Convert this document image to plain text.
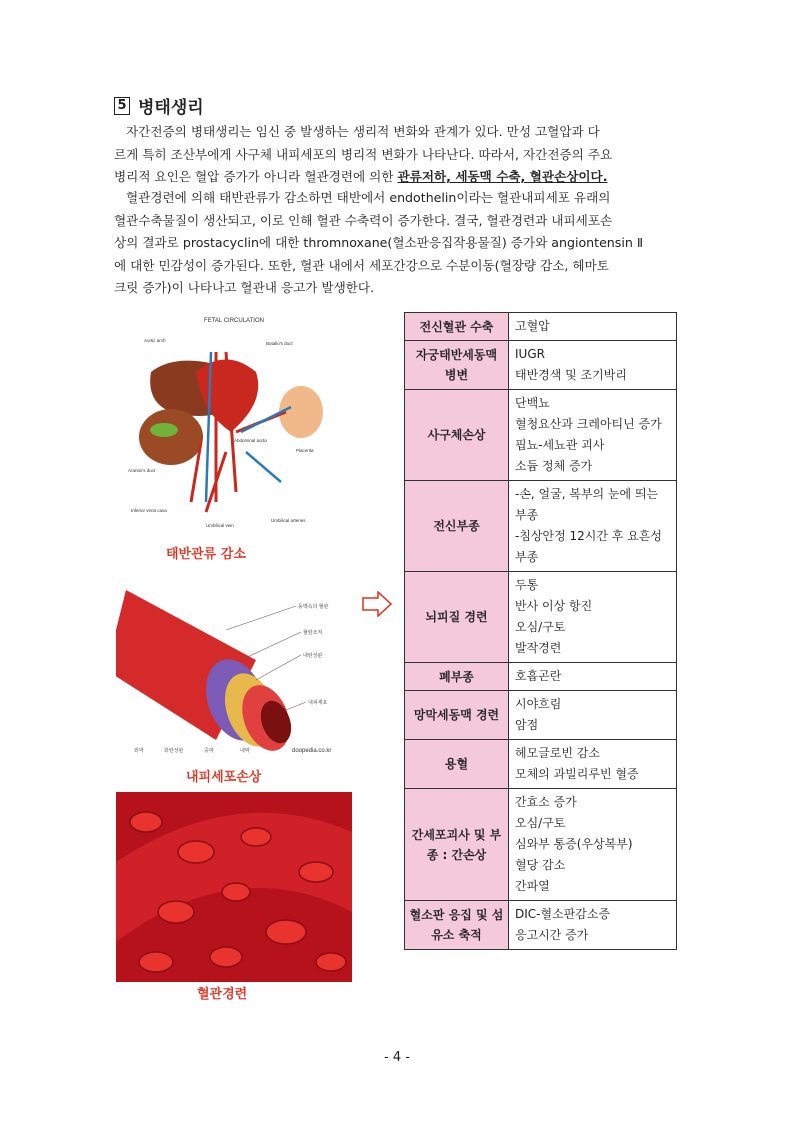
5 병태생리
자간전증의 병태생리는 임신 중 발생하는 생리적 변화와 관계가 있다. 만성 고혈압과 다
르게 특히 조산부에게 사구체 내피세포의 병리적 변화가 나타난다. 따라서, 자간전증의 주요
병리적 요인은 혈압 증가가 아니라 혈관경련에 의한 관류저하, 세동맥 수축, 혈관손상이다.
혈관경련에 의해 태반관류가 감소하면 태반에서 endothelin이라는 혈관내피세포 유래의
혈관수축물질이 생산되고, 이로 인해 혈관 수축력이 증가한다. 결국, 혈관경련과 내피세포손
상의 결과로 prostacyclin에 대한 thromnoxane(혈소판응집작용물질) 증가와 angiontensin Ⅱ
에 대한 민감성이 증가된다. 또한, 혈관 내에서 세포간강으로 수분이동(혈장량 감소, 헤마토
크릿 증가)이 나타나고 혈관내 응고가 발생한다.
FETAL CIRCULATION
Aortic arch
Botallo's duct
Arantio's duct
Abdominal aorta
Placenta
Inferior vena cava
Umbilical vein
Umbilical arteries
태반관류 감소
동맥속의 혈관
혈탄조직
내탄성판
내피세포
외막	외탄성판	중막	내막	doopedia.co.kr
내피세포손상
혈관경련
전신혈관 수축	고혈압

자궁태반세동맥 병변	IUGR
태반경색 및 조기박리

사구체손상	단백뇨
혈청요산과 크레아티닌 증가
핍뇨-세뇨관 괴사
소듐 정체 증가

전신부종	-손, 얼굴, 복부의 눈에 띄는 부종
-침상안정 12시간 후 요흔성 부종

뇌피질 경련	두통
반사 이상 항진
오심/구토
발작경련

폐부종	호흡곤란

망막세동맥 경련	시야흐림
암점

용혈	헤모글로빈 감소
모체의 과빌리루빈 혈증

간세포괴사 및 부종 : 간손상	간효소 증가
오심/구토
심와부 통증(우상복부)
혈당 감소
간파열

혈소판 응집 및 섬유소 축적	DIC-혈소판감소증
응고시간 증가
- 4 -
